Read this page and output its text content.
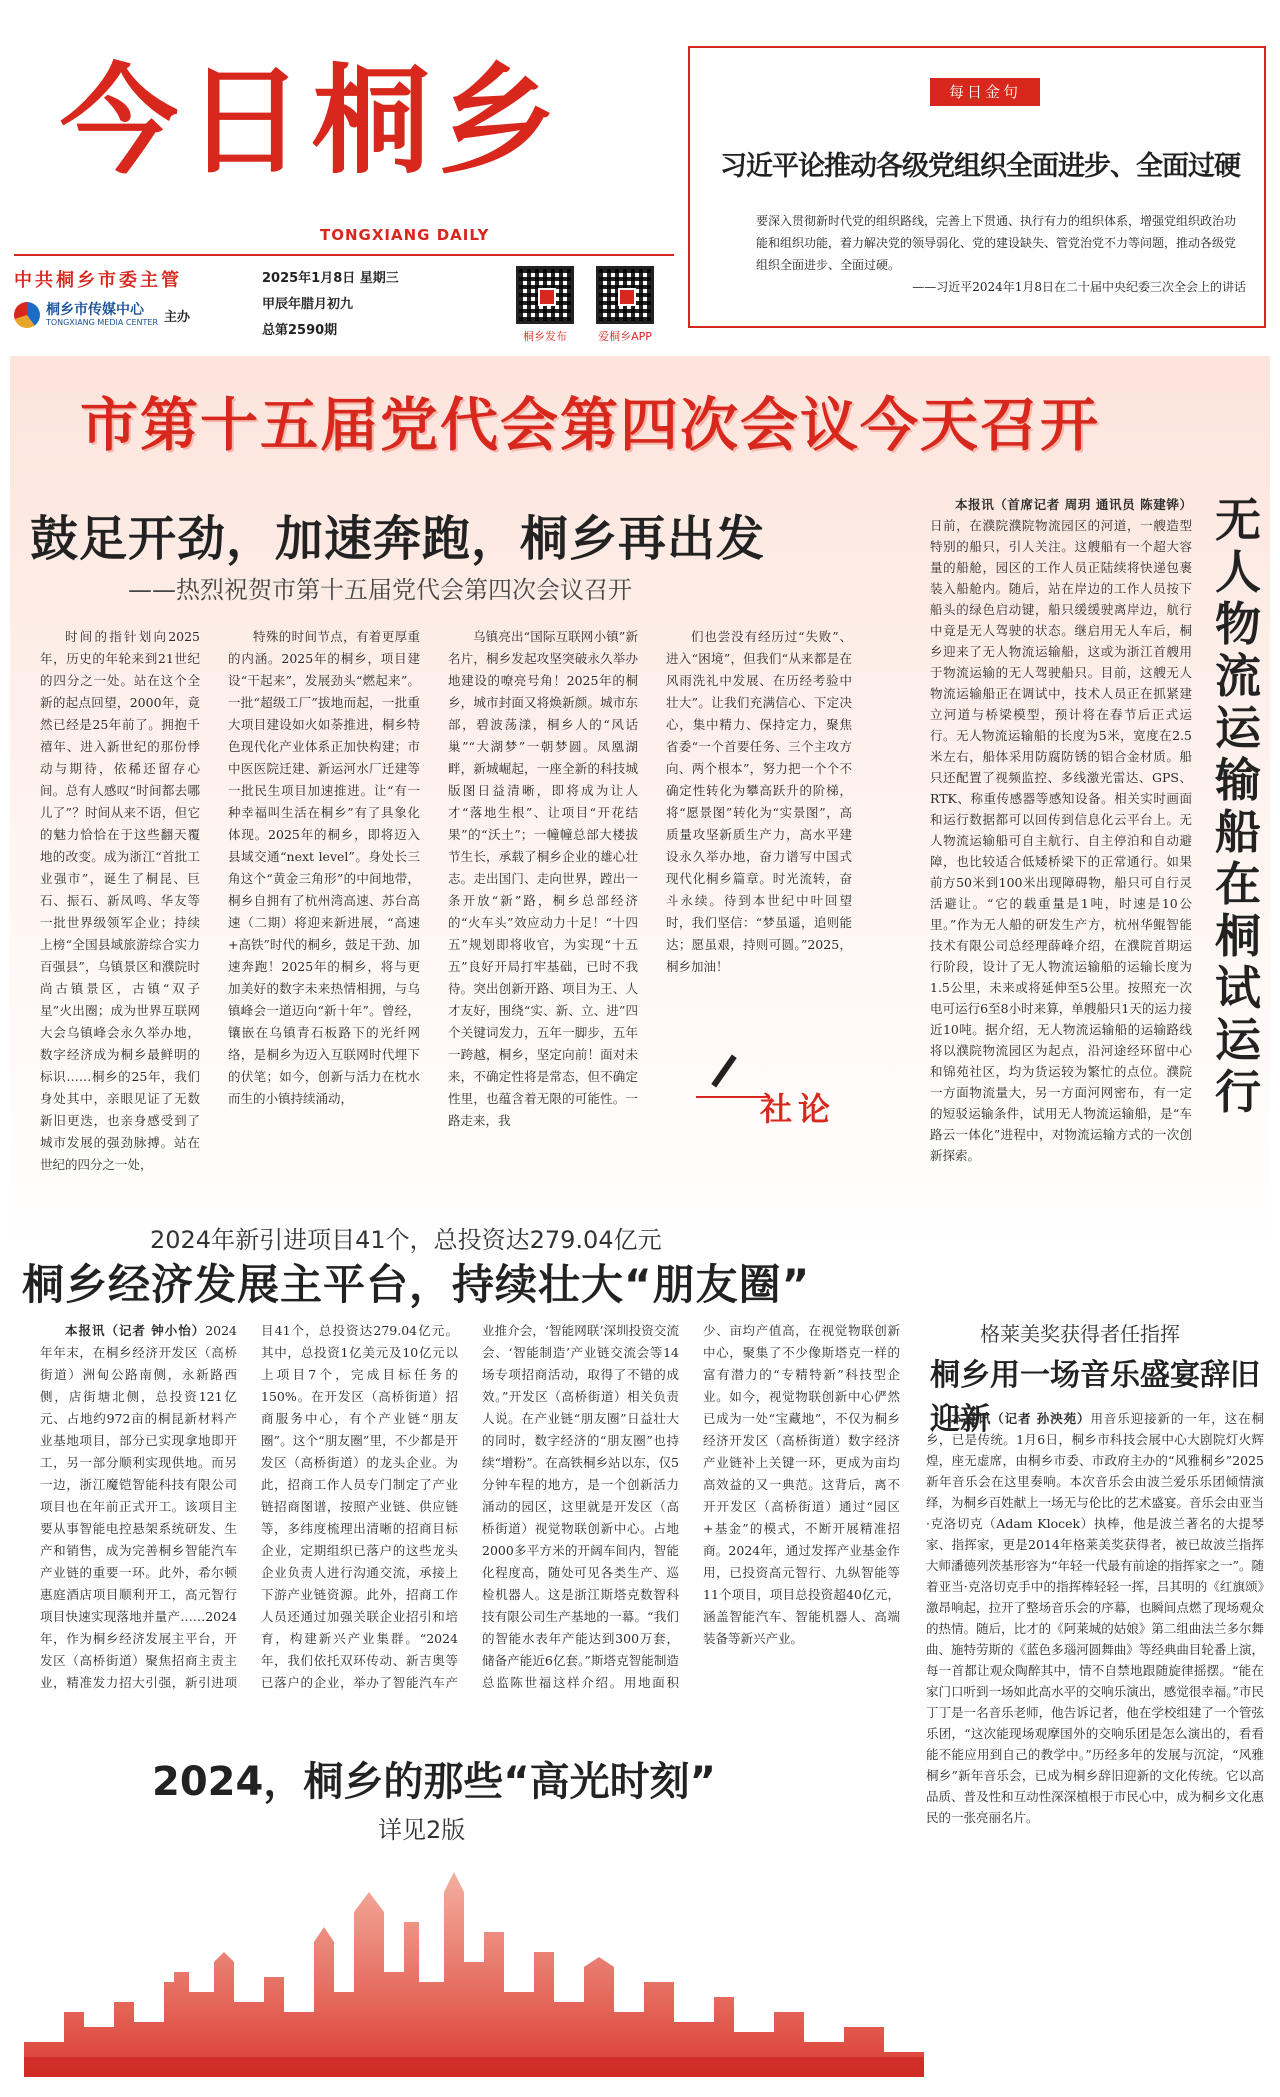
今日桐乡
TONGXIANG DAILY
中共桐乡市委主管
桐乡市传媒中心
TONGXIANG MEDIA CENTER 主办
2025年1月8日 星期三
甲辰年腊月初九
总第2590期	桐乡发布	爱桐乡APP
每日金句
习近平论推动各级党组织全面进步、全面过硬
要深入贯彻新时代党的组织路线，完善上下贯通、执行有力的组织体系，增强党组织政治功能和组织功能，着力解决党的领导弱化、党的建设缺失、管党治党不力等问题，推动各级党组织全面进步、全面过硬。
——习近平2024年1月8日在二十届中央纪委三次全会上的讲话
市第十五届党代会第四次会议今天召开
鼓足开劲，加速奔跑，桐乡再出发
——热烈祝贺市第十五届党代会第四次会议召开

时间的指针划向2025年，历史的年轮来到21世纪的四分之一处。站在这个全新的起点回望，2000年，竟然已经是25年前了。拥抱千禧年、进入新世纪的那份悸动与期待，依稀还留存心间。总有人感叹“时间都去哪儿了”？时间从来不语，但它的魅力恰恰在于这些翻天覆地的改变。成为浙江“首批工业强市”，诞生了桐昆、巨石、振石、新凤鸣、华友等一批世界级领军企业；持续上榜“全国县域旅游综合实力百强县”，乌镇景区和濮院时尚古镇景区，古镇“双子星”火出圈；成为世界互联网大会乌镇峰会永久举办地，数字经济成为桐乡最鲜明的标识……桐乡的25年，我们身处其中，亲眼见证了无数新旧更迭，也亲身感受到了城市发展的强劲脉搏。站在世纪的四分之一处，

特殊的时间节点，有着更厚重的内涵。2025年的桐乡，项目建设“干起来”，发展劲头“燃起来”。一批“超级工厂”拔地而起，一批重大项目建设如火如荼推进，桐乡特色现代化产业体系正加快构建；市中医医院迁建、新运河水厂迁建等一批民生项目加速推进。让“有一种幸福叫生活在桐乡”有了具象化体现。2025年的桐乡，即将迈入县域交通“next level”。身处长三角这个“黄金三角形”的中间地带，桐乡自拥有了杭州湾高速、苏台高速（二期）将迎来新进展，“高速+高铁”时代的桐乡，鼓足干劲、加速奔跑！2025年的桐乡，将与更加美好的数字未来热情相拥，与乌镇峰会一道迈向“新十年”。曾经，镶嵌在乌镇青石板路下的光纤网络，是桐乡为迈入互联网时代埋下的伏笔；如今，创新与活力在枕水而生的小镇持续涌动，

乌镇亮出“国际互联网小镇”新名片，桐乡发起攻坚突破永久举办地建设的嘹亮号角！2025年的桐乡，城市封面又将焕新颜。城市东部，碧波荡漾，桐乡人的“风话巢”“大湖梦”一朝梦圆。凤凰湖畔，新城崛起，一座全新的科技城版图日益清晰，即将成为让人才“落地生根”、让项目“开花结果”的“沃土”；一幢幢总部大楼拔节生长，承载了桐乡企业的雄心壮志。走出国门、走向世界，蹚出一条开放“新”路，桐乡总部经济的“火车头”效应动力十足！“十四五”规划即将收官，为实现“十五五”良好开局打牢基础，已时不我待。突出创新开路、项目为王、人才友好，围绕“实、新、立、进”四个关键词发力，五年一脚步，五年一跨越，桐乡，坚定向前！面对未来，不确定性将是常态，但不确定性里，也蕴含着无限的可能性。一路走来，我

们也尝没有经历过“失败”、进入“困境”，但我们“从来都是在风雨洗礼中发展、在历经考验中壮大”。让我们充满信心、下定决心，集中精力、保持定力，聚焦省委“一个首要任务、三个主攻方向、两个根本”，努力把一个个不确定性转化为攀高跃升的阶梯，将“愿景图”转化为“实景图”，高质量攻坚新质生产力，高水平建设永久举办地，奋力谱写中国式现代化桐乡篇章。时光流转，奋斗永续。待到本世纪中叶回望时，我们坚信：“梦虽遥，追则能达；愿虽艰，持则可圆。”2025，桐乡加油！

社论

本报讯（首席记者 周玥 通讯员 陈建铧）日前，在濮院濮院物流园区的河道，一艘造型特别的船只，引人关注。这艘船有一个超大容量的船舱，园区的工作人员正陆续将快递包裹装入船舱内。随后，站在岸边的工作人员按下船头的绿色启动键，船只缓缓驶离岸边，航行中竟是无人驾驶的状态。继启用无人车后，桐乡迎来了无人物流运输船，这或为浙江首艘用于物流运输的无人驾驶船只。目前，这艘无人物流运输船正在调试中，技术人员正在抓紧建立河道与桥梁模型，预计将在春节后正式运行。无人物流运输船的长度为5米，宽度在2.5米左右，船体采用防腐防锈的铝合金材质。船只还配置了视频监控、多线激光雷达、GPS、RTK、称重传感器等感知设备。相关实时画面和运行数据都可以回传到信息化云平台上。无人物流运输船可自主航行、自主停泊和自动避障，也比较适合低矮桥梁下的正常通行。如果前方50米到100米出现障碍物，船只可自行灵活避让。“它的载重量是1吨，时速是10公里。”作为无人船的研发生产方，杭州华鲲智能技术有限公司总经理薛峰介绍，在濮院首期运行阶段，设计了无人物流运输船的运输长度为1.5公里，未来或将延伸至5公里。按照充一次电可运行6至8小时来算，单艘船只1天的运力接近10吨。据介绍，无人物流运输船的运输路线将以濮院物流园区为起点，沿河途经环留中心和锦苑社区，均为货运较为繁忙的点位。濮院一方面物流量大，另一方面河网密布，有一定的短驳运输条件，试用无人物流运输船，是“车路云一体化”进程中，对物流运输方式的一次创新探索。

无
人
物
流
运
输
船
在
桐
试
运
行
2024年新引进项目41个，总投资达279.04亿元
桐乡经济发展主平台，持续壮大“朋友圈”

本报讯（记者 钟小怡）2024年年末，在桐乡经济开发区（高桥街道）洲甸公路南侧，永新路西侧，店街塘北侧，总投资121亿元、占地约972亩的桐昆新材料产业基地项目，部分已实现拿地即开工，另一部分顺利实现供地。而另一边，浙江魔铠智能科技有限公司项目也在年前正式开工。该项目主要从事智能电控悬架系统研发、生产和销售，成为完善桐乡智能汽车产业链的重要一环。此外，希尔顿惠庭酒店项目顺利开工，高元智行项目快速实现落地并量产……2024年，作为桐乡经济发展主平台，开发区（高桥街道）聚焦招商主责主业，精准发力招大引强，新引进项目41个，总投资达279.04亿元。其中，总投资1亿美元及10亿元以上项目7个，完成目标任务的150%。在开发区（高桥街道）招商服务中心，有个产业链“朋友圈”。这个“朋友圈”里，不少都是开发区（高桥街道）的龙头企业。为此，招商工作人员专门制定了产业链招商图谱，按照产业链、供应链等，多纬度梳理出清晰的招商目标企业，定期组织已落户的这些龙头企业负责人进行沟通交流，承接上下游产业链资源。此外，招商工作人员还通过加强关联企业招引和培育，构建新兴产业集群。“2024年，我们依托双环传动、新吉奥等已落户的企业，举办了智能汽车产业推介会，‘智能网联’深圳投资交流会、‘智能制造’产业链交流会等14场专项招商活动，取得了不错的成效。”开发区（高桥街道）相关负责人说。在产业链“朋友圈”日益壮大的同时，数字经济的“朋友圈”也持续“增粉”。在高铁桐乡站以东，仅5分钟车程的地方，是一个创新活力涌动的园区，这里就是开发区（高桥街道）视觉物联创新中心。占地2000多平方米的开阔车间内，智能化程度高，随处可见各类生产、巡检机器人。这是浙江斯塔克数智科技有限公司生产基地的一幕。“我们的智能水表年产能达到300万套，储备产能近6亿套。”斯塔克智能制造总监陈世福这样介绍。用地面积少、亩均产值高，在视觉物联创新中心，聚集了不少像斯塔克一样的富有潜力的“专精特新”科技型企业。如今，视觉物联创新中心俨然已成为一处“宝藏地”，不仅为桐乡经济开发区（高桥街道）数字经济产业链补上关键一环，更成为亩均高效益的又一典范。这背后，离不开开发区（高桥街道）通过“园区+基金”的模式，不断开展精准招商。2024年，通过发挥产业基金作用，已投资高元智行、九纵智能等11个项目，项目总投资超40亿元，涵盖智能汽车、智能机器人、高端装备等新兴产业。

格莱美奖获得者任指挥
桐乡用一场音乐盛宴辞旧迎新

本报讯（记者 孙泱苑）用音乐迎接新的一年，这在桐乡，已是传统。1月6日，桐乡市科技会展中心大剧院灯火辉煌，座无虚席，由桐乡市委、市政府主办的“风雅桐乡”2025新年音乐会在这里奏响。本次音乐会由波兰爱乐乐团倾情演绎，为桐乡百姓献上一场无与伦比的艺术盛宴。音乐会由亚当·克洛切克（Adam Klocek）执棒，他是波兰著名的大提琴家、指挥家，更是2014年格莱美奖获得者，被已故波兰指挥大师潘德列茨基形容为“年轻一代最有前途的指挥家之一”。随着亚当·克洛切克手中的指挥棒轻轻一挥，吕其明的《红旗颂》激昂响起，拉开了整场音乐会的序幕，也瞬间点燃了现场观众的热情。随后，比才的《阿莱城的姑娘》第二组曲法兰多尔舞曲、施特劳斯的《蓝色多瑙河圆舞曲》等经典曲目轮番上演，每一首都让观众陶醉其中，情不自禁地跟随旋律摇摆。“能在家门口听到一场如此高水平的交响乐演出，感觉很幸福。”市民丁丁是一名音乐老师，他告诉记者，他在学校组建了一个管弦乐团，“这次能现场观摩国外的交响乐团是怎么演出的，看看能不能应用到自己的教学中。”历经多年的发展与沉淀，“风雅桐乡”新年音乐会，已成为桐乡辞旧迎新的文化传统。它以高品质、普及性和互动性深深植根于市民心中，成为桐乡文化惠民的一张亮丽名片。

2024，桐乡的那些“高光时刻”
详见2版
